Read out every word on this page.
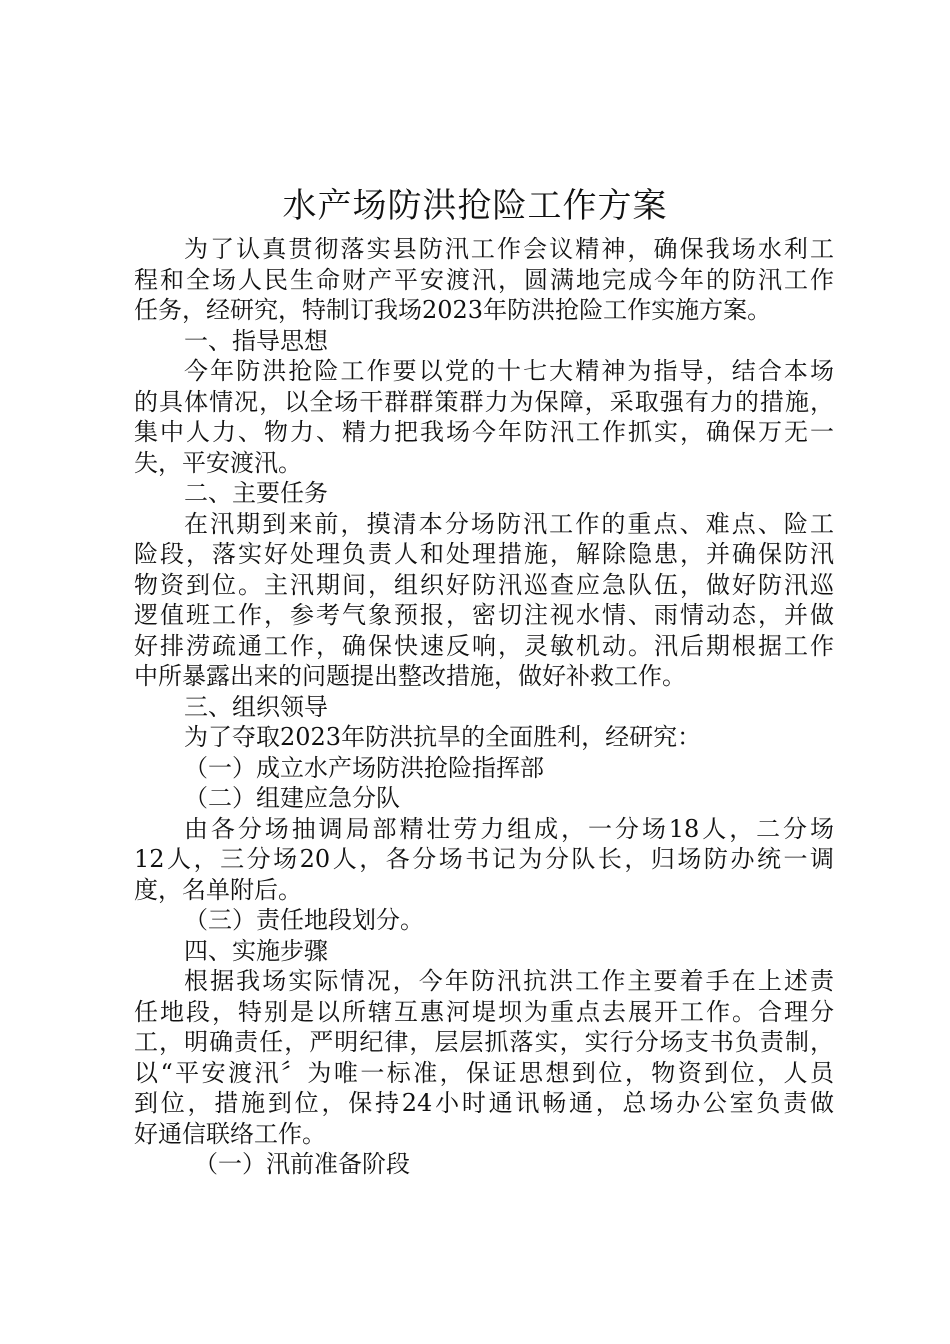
水产场防洪抢险工作方案
为了认真贯彻落实县防汛工作会议精神，确保我场水利工
程和全场人民生命财产平安渡汛，圆满地完成今年的防汛工作
任务，经研究，特制订我场2023年防洪抢险工作实施方案。
一、指导思想
今年防洪抢险工作要以党的十七大精神为指导，结合本场
的具体情况，以全场干群群策群力为保障，采取强有力的措施，
集中人力、物力、精力把我场今年防汛工作抓实，确保万无一
失，平安渡汛。
二、主要任务
在汛期到来前，摸清本分场防汛工作的重点、难点、险工
险段，落实好处理负责人和处理措施，解除隐患，并确保防汛
物资到位。主汛期间，组织好防汛巡查应急队伍，做好防汛巡
逻值班工作，参考气象预报，密切注视水情、雨情动态，并做
好排涝疏通工作，确保快速反响，灵敏机动。汛后期根据工作
中所暴露出来的问题提出整改措施，做好补救工作。
三、组织领导
为了夺取2023年防洪抗旱的全面胜利，经研究：
（一）成立水产场防洪抢险指挥部
（二）组建应急分队
由各分场抽调局部精壮劳力组成，一分场18人，二分场
12人，三分场20人，各分场书记为分队长，归场防办统一调
度，名单附后。
（三）责任地段划分。
四、实施步骤
根据我场实际情况，今年防汛抗洪工作主要着手在上述责
任地段，特别是以所辖互惠河堤坝为重点去展开工作。合理分
工，明确责任，严明纪律，层层抓落实，实行分场支书负责制，
以“平安渡汛〞为唯一标准，保证思想到位，物资到位，人员
到位，措施到位，保持24小时通讯畅通，总场办公室负责做
好通信联络工作。
（一）汛前准备阶段
